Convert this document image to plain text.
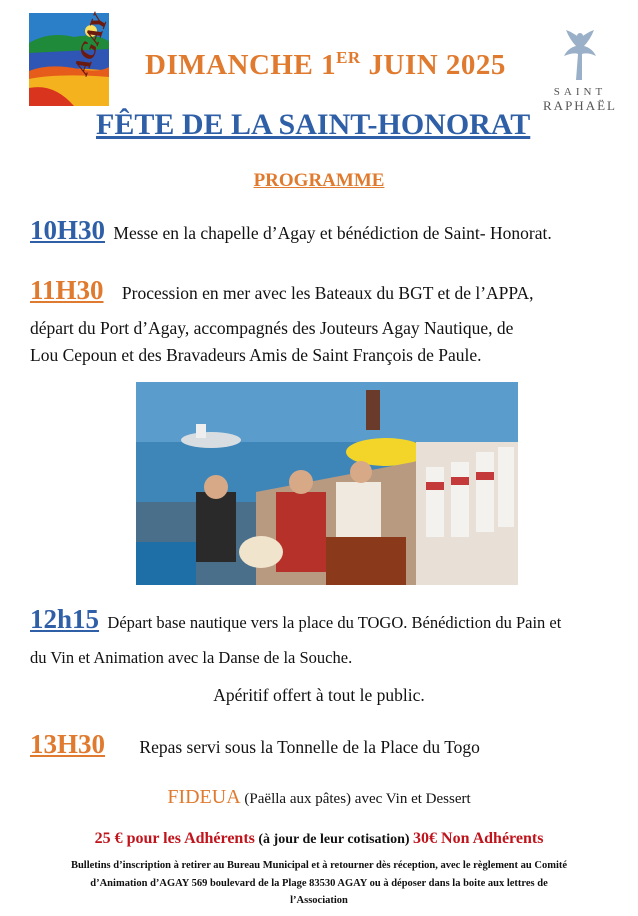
AGAY
SAINT
RAPHAËL
DIMANCHE 1ER JUIN 2025
FÊTE DE LA SAINT-HONORAT
PROGRAMME
10H30 Messe en la chapelle d’Agay et bénédiction de Saint- Honorat.
11H30 Procession en mer avec les Bateaux du BGT et de l’APPA,
départ du Port d’Agay, accompagnés des Jouteurs Agay Nautique, de
Lou Cepoun et des Bravadeurs Amis de Saint François de Paule.
12h15 Départ base nautique vers la place du TOGO. Bénédiction du Pain et
du Vin et Animation avec la Danse de la Souche.
Apéritif offert à tout le public.
13H30 Repas servi sous la Tonnelle de la Place du Togo
FIDEUA (Paëlla aux pâtes) avec Vin et Dessert
25 € pour les Adhérents (à jour de leur cotisation) 30€ Non Adhérents
Bulletins d’inscription à retirer au Bureau Municipal et à retourner dès réception, avec le règlement au Comité
d’Animation d’AGAY 569 boulevard de la Plage 83530 AGAY ou à déposer dans la boite aux lettres de
l’Association
